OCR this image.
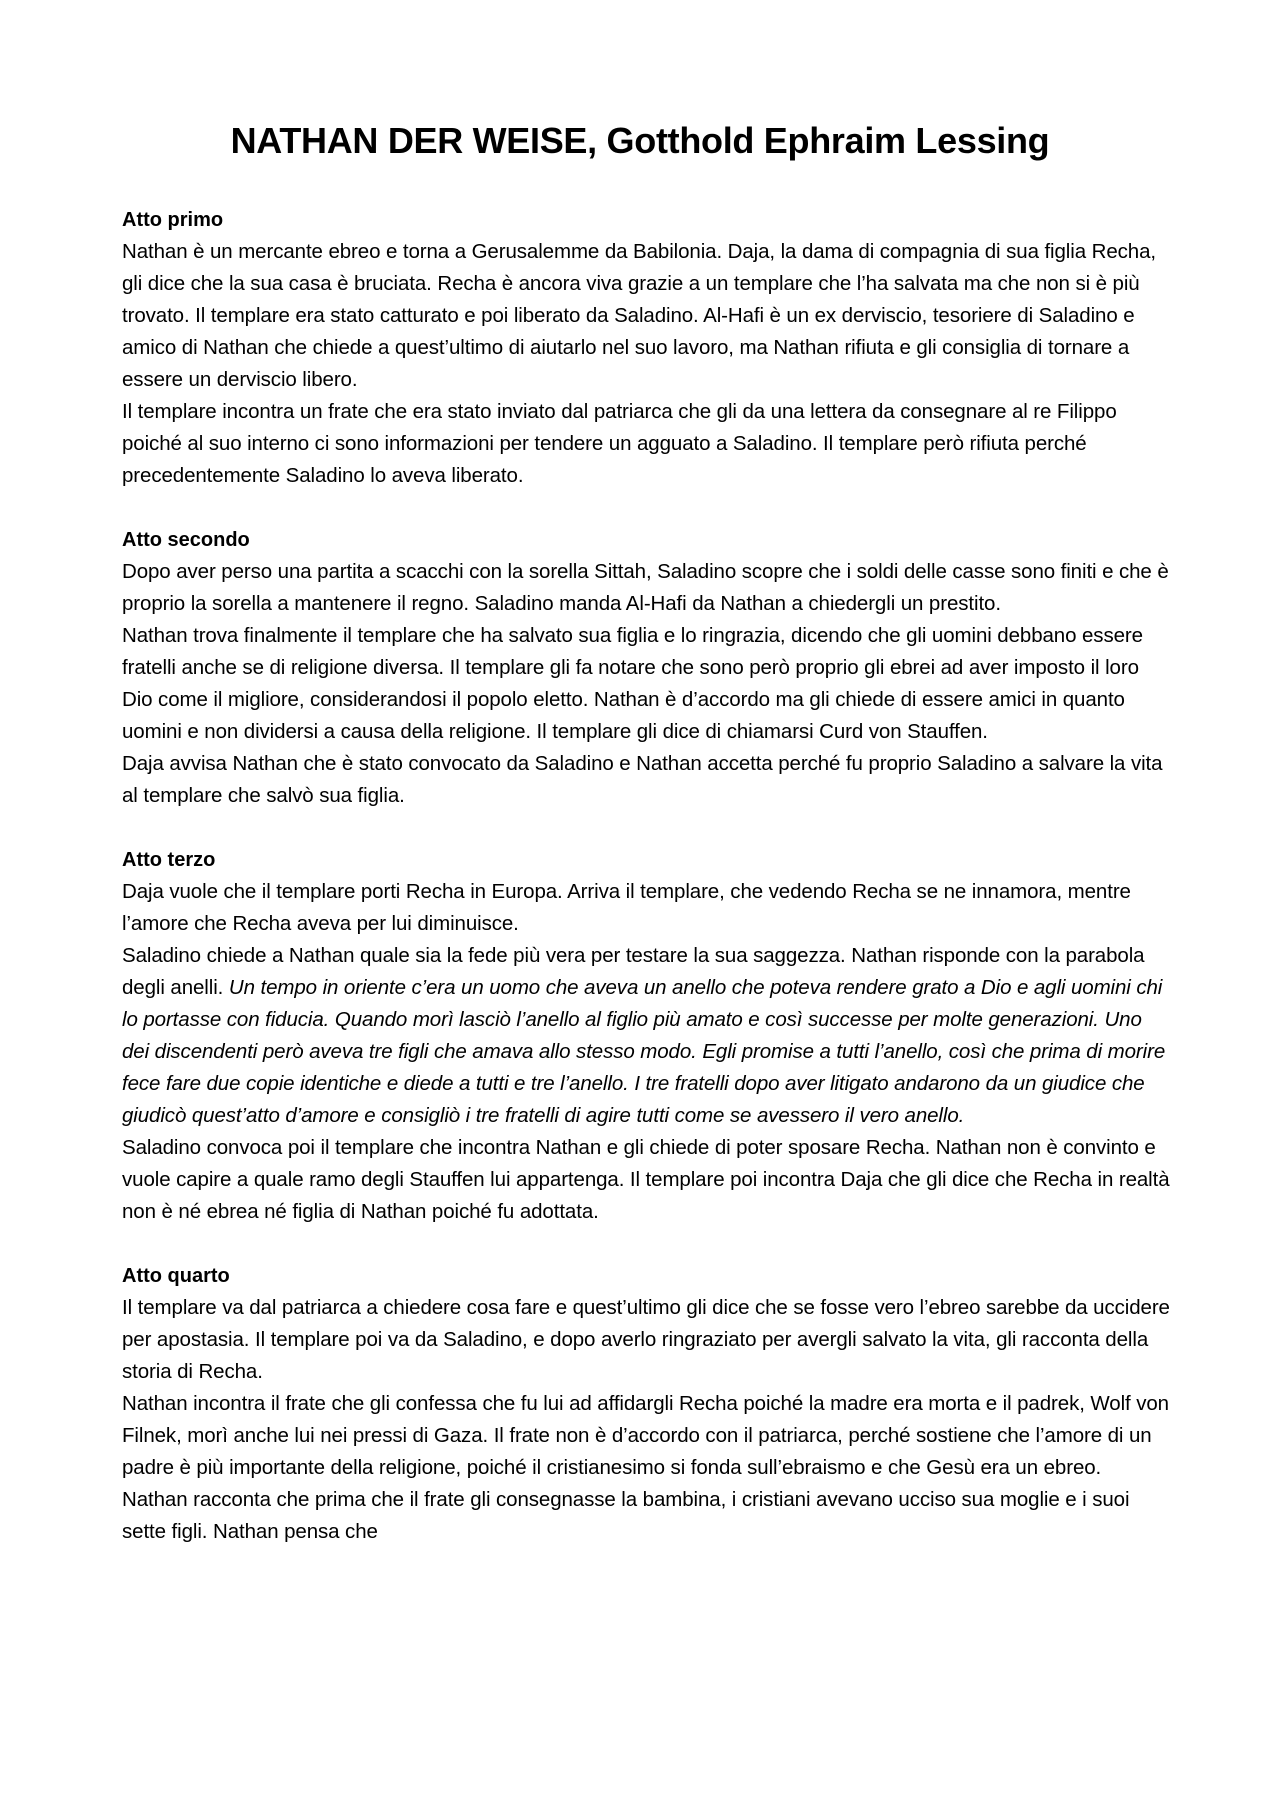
NATHAN DER WEISE, Gotthold Ephraim Lessing

Atto primo

Nathan è un mercante ebreo e torna a Gerusalemme da Babilonia. Daja, la dama di compagnia di sua figlia Recha, gli dice che la sua casa è bruciata. Recha è ancora viva grazie a un templare che l’ha salvata ma che non si è più trovato. Il templare era stato catturato e poi liberato da Saladino. Al-Hafi è un ex derviscio, tesoriere di Saladino e amico di Nathan che chiede a quest’ultimo di aiutarlo nel suo lavoro, ma Nathan rifiuta e gli consiglia di tornare a essere un derviscio libero.

Il templare incontra un frate che era stato inviato dal patriarca che gli da una lettera da consegnare al re Filippo poiché al suo interno ci sono informazioni per tendere un agguato a Saladino. Il templare però rifiuta perché precedentemente Saladino lo aveva liberato.

Atto secondo

Dopo aver perso una partita a scacchi con la sorella Sittah, Saladino scopre che i soldi delle casse sono finiti e che è proprio la sorella a mantenere il regno. Saladino manda Al-Hafi da Nathan a chiedergli un prestito.

Nathan trova finalmente il templare che ha salvato sua figlia e lo ringrazia, dicendo che gli uomini debbano essere fratelli anche se di religione diversa. Il templare gli fa notare che sono però proprio gli ebrei ad aver imposto il loro Dio come il migliore, considerandosi il popolo eletto. Nathan è d’accordo ma gli chiede di essere amici in quanto uomini e non dividersi a causa della religione. Il templare gli dice di chiamarsi Curd von Stauffen.

Daja avvisa Nathan che è stato convocato da Saladino e Nathan accetta perché fu proprio Saladino a salvare la vita al templare che salvò sua figlia.

Atto terzo

Daja vuole che il templare porti Recha in Europa. Arriva il templare, che vedendo Recha se ne innamora, mentre l’amore che Recha aveva per lui diminuisce.

Saladino chiede a Nathan quale sia la fede più vera per testare la sua saggezza. Nathan risponde con la parabola degli anelli. Un tempo in oriente c’era un uomo che aveva un anello che poteva rendere grato a Dio e agli uomini chi lo portasse con fiducia. Quando morì lasciò l’anello al figlio più amato e così successe per molte generazioni. Uno dei discendenti però aveva tre figli che amava allo stesso modo. Egli promise a tutti l’anello, così che prima di morire fece fare due copie identiche e diede a tutti e tre l’anello. I tre fratelli dopo aver litigato andarono da un giudice che giudicò quest’atto d’amore e consigliò i tre fratelli di agire tutti come se avessero il vero anello.

Saladino convoca poi il templare che incontra Nathan e gli chiede di poter sposare Recha. Nathan non è convinto e vuole capire a quale ramo degli Stauffen lui appartenga. Il templare poi incontra Daja che gli dice che Recha in realtà non è né ebrea né figlia di Nathan poiché fu adottata.

Atto quarto

Il templare va dal patriarca a chiedere cosa fare e quest’ultimo gli dice che se fosse vero l’ebreo sarebbe da uccidere per apostasia. Il templare poi va da Saladino, e dopo averlo ringraziato per avergli salvato la vita, gli racconta della storia di Recha.

Nathan incontra il frate che gli confessa che fu lui ad affidargli Recha poiché la madre era morta e il padrek, Wolf von Filnek, morì anche lui nei pressi di Gaza. Il frate non è d’accordo con il patriarca, perché sostiene che l’amore di un padre è più importante della religione, poiché il cristianesimo si fonda sull’ebraismo e che Gesù era un ebreo. Nathan racconta che prima che il frate gli consegnasse la bambina, i cristiani avevano ucciso sua moglie e i suoi sette figli. Nathan pensa che
